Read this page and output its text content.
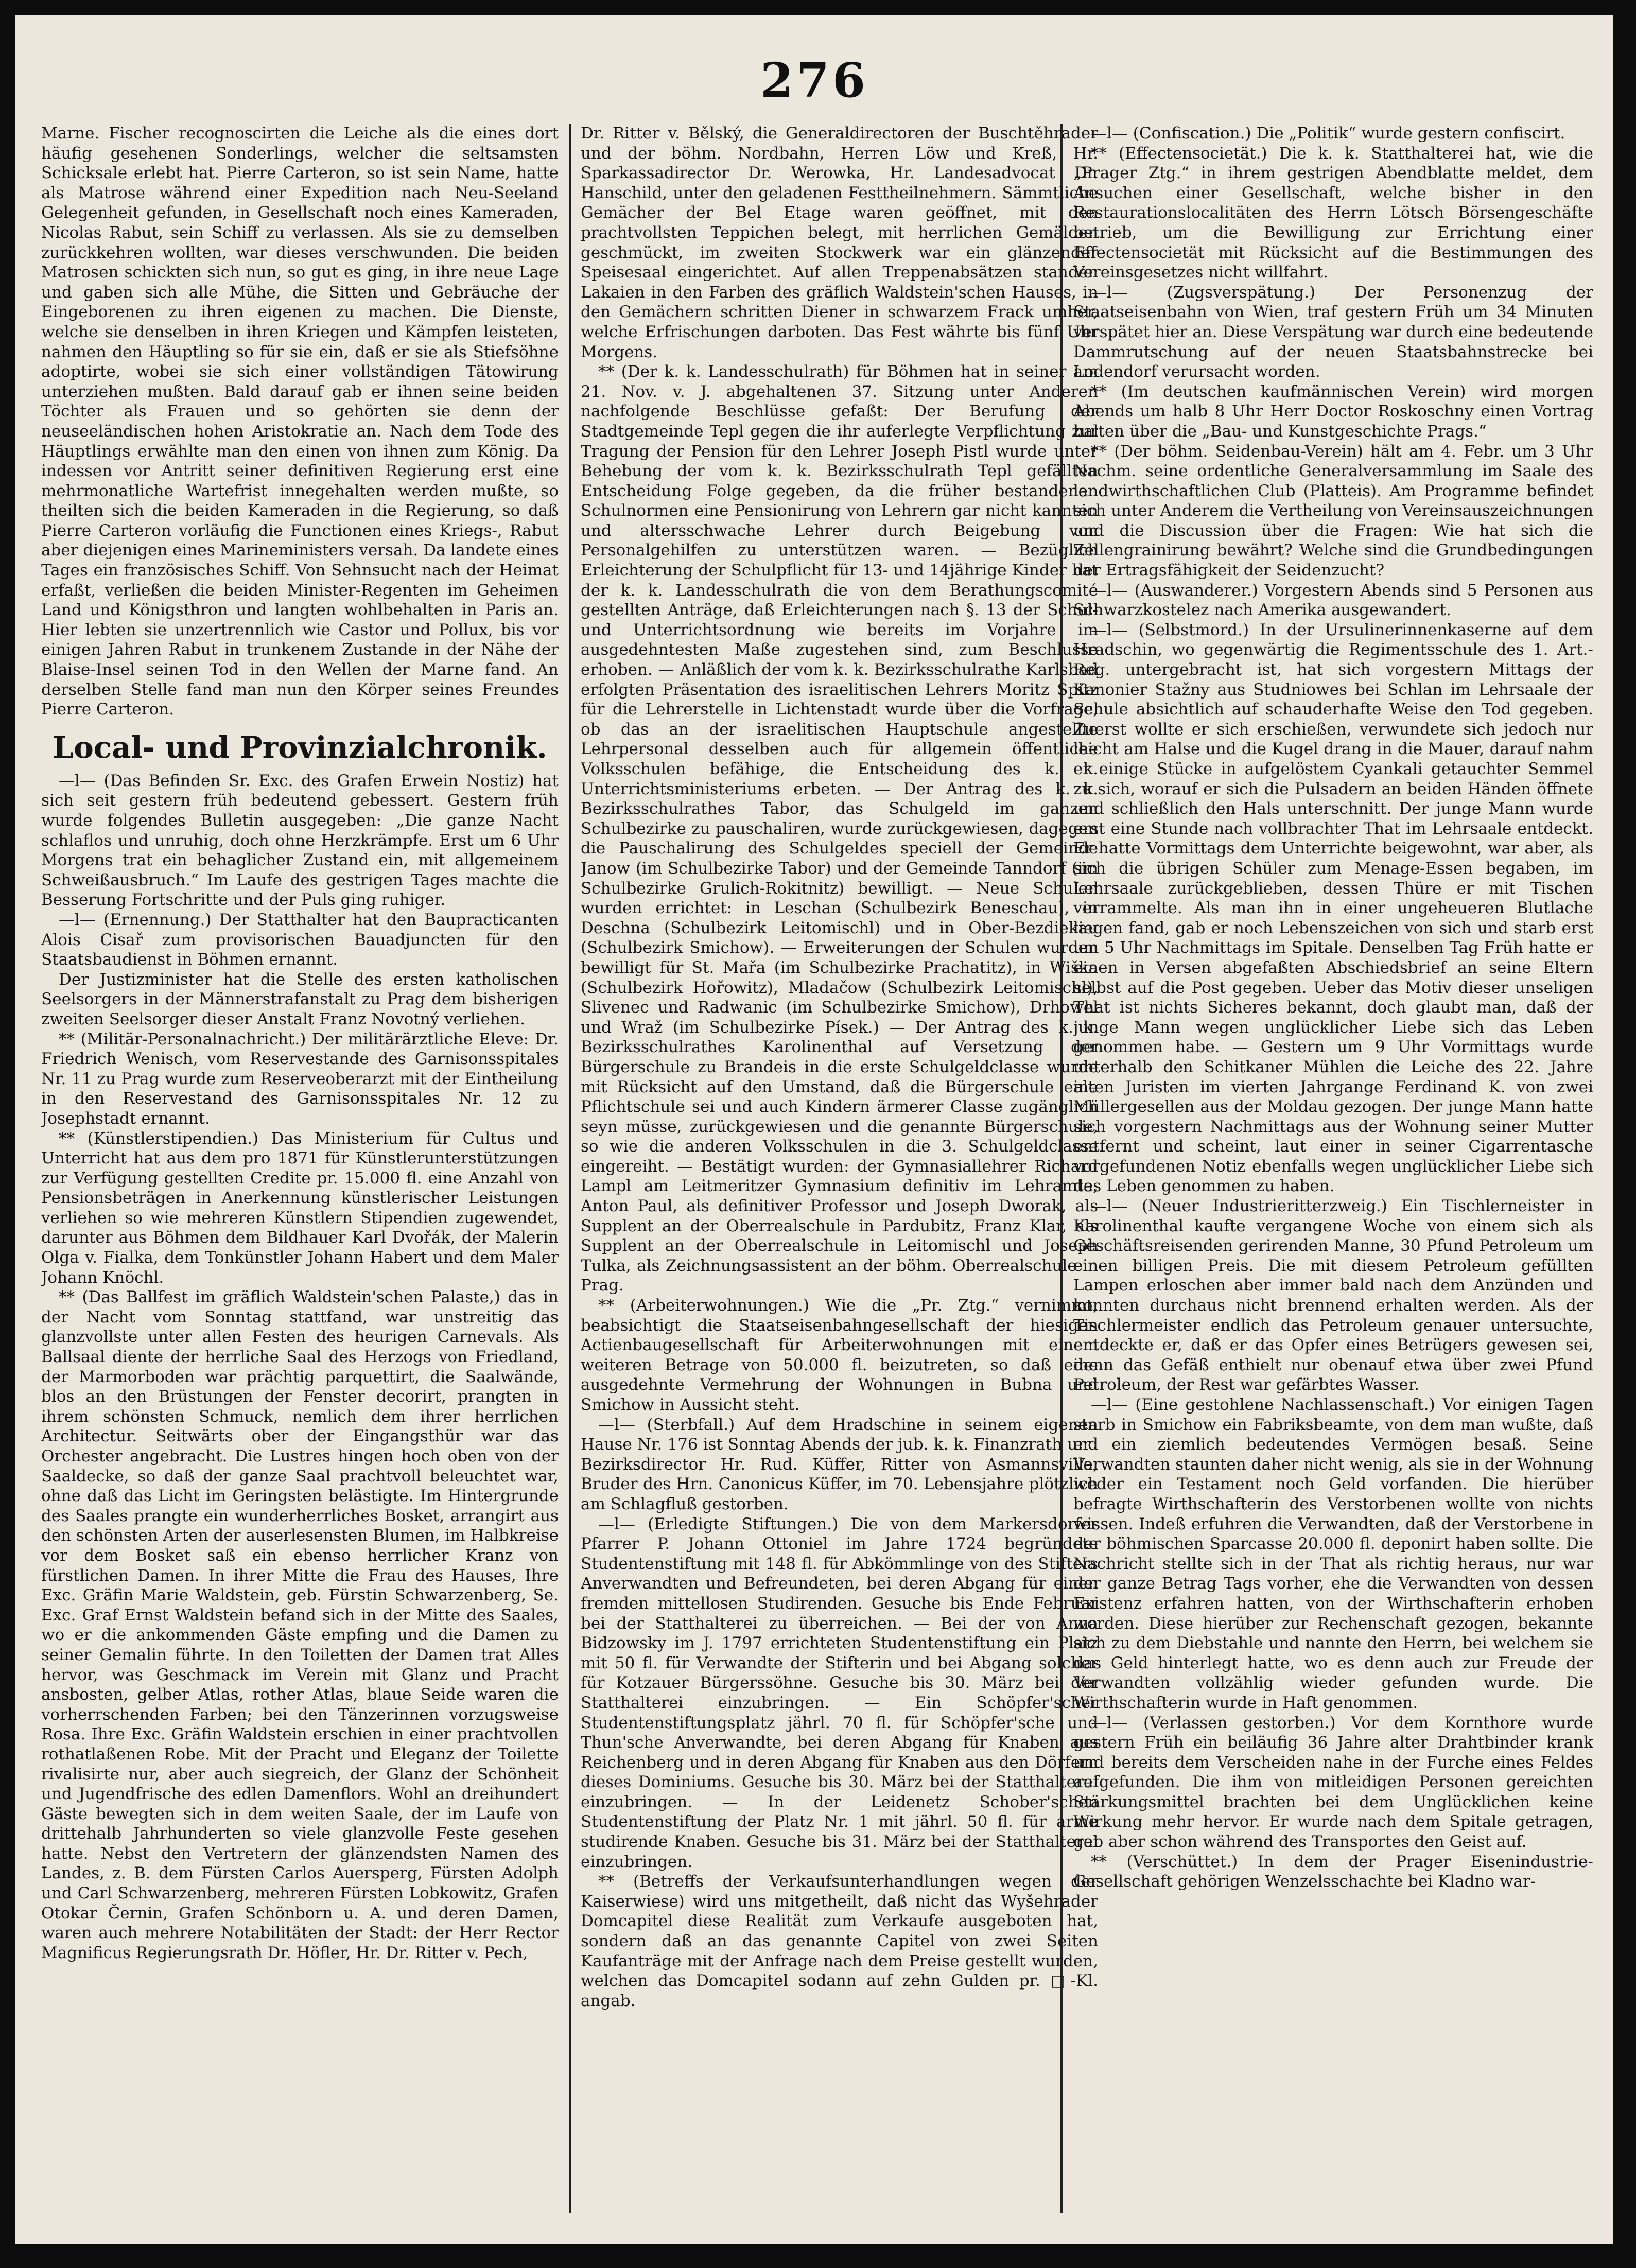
276

Marne. Fischer recognoscirten die Leiche als die eines dort häufig gesehenen Sonderlings, welcher die seltsamsten Schicksale erlebt hat. Pierre Carteron, so ist sein Name, hatte als Matrose während einer Expedition nach Neu-Seeland Gelegenheit gefunden, in Gesellschaft noch eines Kameraden, Nicolas Rabut, sein Schiff zu verlassen. Als sie zu demselben zurückkehren wollten, war dieses verschwunden. Die beiden Matrosen schickten sich nun, so gut es ging, in ihre neue Lage und gaben sich alle Mühe, die Sitten und Gebräuche der Eingeborenen zu ihren eigenen zu machen. Die Dienste, welche sie denselben in ihren Kriegen und Kämpfen leisteten, nahmen den Häuptling so für sie ein, daß er sie als Stiefsöhne adoptirte, wobei sie sich einer vollständigen Tätowirung unterziehen mußten. Bald darauf gab er ihnen seine beiden Töchter als Frauen und so gehörten sie denn der neuseeländischen hohen Aristokratie an. Nach dem Tode des Häuptlings erwählte man den einen von ihnen zum König. Da indessen vor Antritt seiner definitiven Regierung erst eine mehrmonatliche Wartefrist innegehalten werden mußte, so theilten sich die beiden Kameraden in die Regierung, so daß Pierre Carteron vorläufig die Functionen eines Kriegs-, Rabut aber diejenigen eines Marineministers versah. Da landete eines Tages ein französisches Schiff. Von Sehnsucht nach der Heimat erfaßt, verließen die beiden Minister-Regenten im Geheimen Land und Königsthron und langten wohlbehalten in Paris an. Hier lebten sie unzertrennlich wie Castor und Pollux, bis vor einigen Jahren Rabut in trunkenem Zustande in der Nähe der Blaise-Insel seinen Tod in den Wellen der Marne fand. An derselben Stelle fand man nun den Körper seines Freundes Pierre Carteron.

Local- und Provinzialchronik.

—l— (Das Befinden Sr. Exc. des Grafen Erwein Nostiz) hat sich seit gestern früh bedeutend gebessert. Gestern früh wurde folgendes Bulletin ausgegeben: „Die ganze Nacht schlaflos und unruhig, doch ohne Herzkrämpfe. Erst um 6 Uhr Morgens trat ein behaglicher Zustand ein, mit allgemeinem Schweißausbruch.“ Im Laufe des gestrigen Tages machte die Besserung Fortschritte und der Puls ging ruhiger.

—l— (Ernennung.) Der Statthalter hat den Baupracticanten Alois Cisař zum provisorischen Bauadjuncten für den Staatsbaudienst in Böhmen ernannt.

Der Justizminister hat die Stelle des ersten katholischen Seelsorgers in der Männerstrafanstalt zu Prag dem bisherigen zweiten Seelsorger dieser Anstalt Franz Novotný verliehen.

** (Militär-Personalnachricht.) Der militärärztliche Eleve: Dr. Friedrich Wenisch, vom Reservestande des Garnisonsspitales Nr. 11 zu Prag wurde zum Reserveoberarzt mit der Eintheilung in den Reservestand des Garnisonsspitales Nr. 12 zu Josephstadt ernannt.

** (Künstlerstipendien.) Das Ministerium für Cultus und Unterricht hat aus dem pro 1871 für Künstlerunterstützungen zur Verfügung gestellten Credite pr. 15.000 fl. eine Anzahl von Pensionsbeträgen in Anerkennung künstlerischer Leistungen verliehen so wie mehreren Künstlern Stipendien zugewendet, darunter aus Böhmen dem Bildhauer Karl Dvořák, der Malerin Olga v. Fialka, dem Tonkünstler Johann Habert und dem Maler Johann Knöchl.

** (Das Ballfest im gräflich Waldstein'schen Palaste,) das in der Nacht vom Sonntag stattfand, war unstreitig das glanzvollste unter allen Festen des heurigen Carnevals. Als Ballsaal diente der herrliche Saal des Herzogs von Friedland, der Marmorboden war prächtig parquettirt, die Saalwände, blos an den Brüstungen der Fenster decorirt, prangten in ihrem schönsten Schmuck, nemlich dem ihrer herrlichen Architectur. Seitwärts ober der Eingangsthür war das Orchester angebracht. Die Lustres hingen hoch oben von der Saaldecke, so daß der ganze Saal prachtvoll beleuchtet war, ohne daß das Licht im Geringsten belästigte. Im Hintergrunde des Saales prangte ein wunderherrliches Bosket, arrangirt aus den schönsten Arten der auserlesensten Blumen, im Halbkreise vor dem Bosket saß ein ebenso herrlicher Kranz von fürstlichen Damen. In ihrer Mitte die Frau des Hauses, Ihre Exc. Gräfin Marie Waldstein, geb. Fürstin Schwarzenberg, Se. Exc. Graf Ernst Waldstein befand sich in der Mitte des Saales, wo er die ankommenden Gäste empfing und die Damen zu seiner Gemalin führte. In den Toiletten der Damen trat Alles hervor, was Geschmack im Verein mit Glanz und Pracht ansbosten, gelber Atlas, rother Atlas, blaue Seide waren die vorherrschenden Farben; bei den Tänzerinnen vorzugsweise Rosa. Ihre Exc. Gräfin Waldstein erschien in einer prachtvollen rothatlaßenen Robe. Mit der Pracht und Eleganz der Toilette rivalisirte nur, aber auch siegreich, der Glanz der Schönheit und Jugendfrische des edlen Damenflors. Wohl an dreihundert Gäste bewegten sich in dem weiten Saale, der im Laufe von drittehalb Jahrhunderten so viele glanzvolle Feste gesehen hatte. Nebst den Vertretern der glänzendsten Namen des Landes, z. B. dem Fürsten Carlos Auersperg, Fürsten Adolph und Carl Schwarzenberg, mehreren Fürsten Lobkowitz, Grafen Otokar Černin, Grafen Schönborn u. A. und deren Damen, waren auch mehrere Notabilitäten der Stadt: der Herr Rector Magnificus Regierungsrath Dr. Höfler, Hr. Dr. Ritter v. Pech,

Dr. Ritter v. Bělský, die Generaldirectoren der Buschtěhrader und der böhm. Nordbahn, Herren Löw und Kreß, Hr. Sparkassadirector Dr. Werowka, Hr. Landesadvocat Dr. Hanschild, unter den geladenen Festtheilnehmern. Sämmtliche Gemächer der Bel Etage waren geöffnet, mit den prachtvollsten Teppichen belegt, mit herrlichen Gemälden geschmückt, im zweiten Stockwerk war ein glänzender Speisesaal eingerichtet. Auf allen Treppenabsätzen standen Lakaien in den Farben des gräflich Waldstein'schen Hauses, in den Gemächern schritten Diener in schwarzem Frack umher, welche Erfrischungen darboten. Das Fest währte bis fünf Uhr Morgens.

** (Der k. k. Landesschulrath) für Böhmen hat in seiner am 21. Nov. v. J. abgehaltenen 37. Sitzung unter Anderen nachfolgende Beschlüsse gefaßt: Der Berufung der Stadtgemeinde Tepl gegen die ihr auferlegte Verpflichtung zur Tragung der Pension für den Lehrer Joseph Pistl wurde unter Behebung der vom k. k. Bezirksschulrath Tepl gefällten Entscheidung Folge gegeben, da die früher bestandenen Schulnormen eine Pensionirung von Lehrern gar nicht kannten und altersschwache Lehrer durch Beigebung von Personalgehilfen zu unterstützen waren. — Bezüglich Erleichterung der Schulpflicht für 13- und 14jährige Kinder hat der k. k. Landesschulrath die von dem Berathungscomité gestellten Anträge, daß Erleichterungen nach §. 13 der Schul- und Unterrichtsordnung wie bereits im Vorjahre im ausgedehntesten Maße zugestehen sind, zum Beschlusse erhoben. — Anläßlich der vom k. k. Bezirksschulrathe Karlsbad erfolgten Präsentation des israelitischen Lehrers Moritz Spitz für die Lehrerstelle in Lichtenstadt wurde über die Vorfrage, ob das an der israelitischen Hauptschule angestellte Lehrpersonal desselben auch für allgemein öffentliche Volksschulen befähige, die Entscheidung des k. k. Unterrichtsministeriums erbeten. — Der Antrag des k. k. Bezirksschulrathes Tabor, das Schulgeld im ganzen Schulbezirke zu pauschaliren, wurde zurückgewiesen, dagegen die Pauschalirung des Schulgeldes speciell der Gemeinde Janow (im Schulbezirke Tabor) und der Gemeinde Tanndorf (im Schulbezirke Grulich-Rokitnitz) bewilligt. — Neue Schulen wurden errichtet: in Leschan (Schulbezirk Beneschau), in Deschna (Schulbezirk Leitomischl) und in Ober-Bezdiekau (Schulbezirk Smichow). — Erweiterungen der Schulen wurden bewilligt für St. Mařa (im Schulbezirke Prachatitz), in Wiška (Schulbezirk Hořowitz), Mladačow (Schulbezirk Leitomischl), Slivenec und Radwanic (im Schulbezirke Smichow), Drhowel und Wraž (im Schulbezirke Písek.) — Der Antrag des k. k. Bezirksschulrathes Karolinenthal auf Versetzung der Bürgerschule zu Brandeis in die erste Schulgeldclasse wurde mit Rücksicht auf den Umstand, daß die Bürgerschule eine Pflichtschule sei und auch Kindern ärmerer Classe zugänglich seyn müsse, zurückgewiesen und die genannte Bürgerschule, so wie die anderen Volksschulen in die 3. Schulgeldclasse eingereiht. — Bestätigt wurden: der Gymnasiallehrer Richard Lampl am Leitmeritzer Gymnasium definitiv im Lehramte, Anton Paul, als definitiver Professor und Joseph Dworak, als Supplent an der Oberrealschule in Pardubitz, Franz Klar, als Supplent an der Oberrealschule in Leitomischl und Joseph Tulka, als Zeichnungsassistent an der böhm. Oberrealschule in Prag.

** (Arbeiterwohnungen.) Wie die „Pr. Ztg.“ vernimmt, beabsichtigt die Staatseisenbahngesellschaft der hiesigen Actienbaugesellschaft für Arbeiterwohnungen mit einem weiteren Betrage von 50.000 fl. beizutreten, so daß eine ausgedehnte Vermehrung der Wohnungen in Bubna und Smichow in Aussicht steht.

—l— (Sterbfall.) Auf dem Hradschine in seinem eigenen Hause Nr. 176 ist Sonntag Abends der jub. k. k. Finanzrath und Bezirksdirector Hr. Rud. Küffer, Ritter von Asmannsvilla, Bruder des Hrn. Canonicus Küffer, im 70. Lebensjahre plötzlich am Schlagfluß gestorben.

—l— (Erledigte Stiftungen.) Die von dem Markersdorfer Pfarrer P. Johann Ottoniel im Jahre 1724 begründete Studentenstiftung mit 148 fl. für Abkömmlinge von des Stifters Anverwandten und Befreundeten, bei deren Abgang für einen fremden mittellosen Studirenden. Gesuche bis Ende Februar bei der Statthalterei zu überreichen. — Bei der von Anna Bidzowsky im J. 1797 errichteten Studentenstiftung ein Platz mit 50 fl. für Verwandte der Stifterin und bei Abgang solcher für Kotzauer Bürgerssöhne. Gesuche bis 30. März bei der Statthalterei einzubringen. — Ein Schöpfer'scher Studentenstiftungsplatz jährl. 70 fl. für Schöpfer'sche und Thun'sche Anverwandte, bei deren Abgang für Knaben aus Reichenberg und in deren Abgang für Knaben aus den Dörfern dieses Dominiums. Gesuche bis 30. März bei der Statthalterei einzubringen. — In der Leidenetz Schober'schen Studentenstiftung der Platz Nr. 1 mit jährl. 50 fl. für arme studirende Knaben. Gesuche bis 31. März bei der Statthalterei einzubringen.

** (Betreffs der Verkaufsunterhandlungen wegen der Kaiserwiese) wird uns mitgetheilt, daß nicht das Wyšehrader Domcapitel diese Realität zum Verkaufe ausgeboten hat, sondern daß an das genannte Capitel von zwei Seiten Kaufanträge mit der Anfrage nach dem Preise gestellt wurden, welchen das Domcapitel sodann auf zehn Gulden pr. □-Kl. angab.

—l— (Confiscation.) Die „Politik“ wurde gestern confiscirt.

** (Effectensocietät.) Die k. k. Statthalterei hat, wie die „Prager Ztg.“ in ihrem gestrigen Abendblatte meldet, dem Ansuchen einer Gesellschaft, welche bisher in den Restaurationslocalitäten des Herrn Lötsch Börsengeschäfte betrieb, um die Bewilligung zur Errichtung einer Effectensocietät mit Rücksicht auf die Bestimmungen des Vereinsgesetzes nicht willfahrt.

—l— (Zugsverspätung.) Der Personenzug der Staatseisenbahn von Wien, traf gestern Früh um 34 Minuten verspätet hier an. Diese Verspätung war durch eine bedeutende Dammrutschung auf der neuen Staatsbahnstrecke bei Lodendorf verursacht worden.

** (Im deutschen kaufmännischen Verein) wird morgen Abends um halb 8 Uhr Herr Doctor Roskoschny einen Vortrag halten über die „Bau- und Kunstgeschichte Prags.“

** (Der böhm. Seidenbau-Verein) hält am 4. Febr. um 3 Uhr Nachm. seine ordentliche Generalversammlung im Saale des landwirthschaftlichen Club (Platteis). Am Programme befindet sich unter Anderem die Vertheilung von Vereinsauszeichnungen und die Discussion über die Fragen: Wie hat sich die Zellengrainirung bewährt? Welche sind die Grundbedingungen der Ertragsfähigkeit der Seidenzucht?

—l— (Auswanderer.) Vorgestern Abends sind 5 Personen aus Schwarzkostelez nach Amerika ausgewandert.

—l— (Selbstmord.) In der Ursulinerinnenkaserne auf dem Hradschin, wo gegenwärtig die Regimentsschule des 1. Art.-Reg. untergebracht ist, hat sich vorgestern Mittags der Kanonier Stažny aus Studniowes bei Schlan im Lehrsaale der Schule absichtlich auf schauderhafte Weise den Tod gegeben. Zuerst wollte er sich erschießen, verwundete sich jedoch nur leicht am Halse und die Kugel drang in die Mauer, darauf nahm er einige Stücke in aufgelöstem Cyankali getauchter Semmel zu sich, worauf er sich die Pulsadern an beiden Händen öffnete und schließlich den Hals unterschnitt. Der junge Mann wurde erst eine Stunde nach vollbrachter That im Lehrsaale entdeckt. Er hatte Vormittags dem Unterrichte beigewohnt, war aber, als sich die übrigen Schüler zum Menage-Essen begaben, im Lehrsaale zurückgeblieben, dessen Thüre er mit Tischen verrammelte. Als man ihn in einer ungeheueren Blutlache liegen fand, gab er noch Lebenszeichen von sich und starb erst um 5 Uhr Nachmittags im Spitale. Denselben Tag Früh hatte er einen in Versen abgefaßten Abschiedsbrief an seine Eltern selbst auf die Post gegeben. Ueber das Motiv dieser unseligen That ist nichts Sicheres bekannt, doch glaubt man, daß der junge Mann wegen unglücklicher Liebe sich das Leben genommen habe. — Gestern um 9 Uhr Vormittags wurde unterhalb den Schitkaner Mühlen die Leiche des 22. Jahre alten Juristen im vierten Jahrgange Ferdinand K. von zwei Müllergesellen aus der Moldau gezogen. Der junge Mann hatte sich vorgestern Nachmittags aus der Wohnung seiner Mutter entfernt und scheint, laut einer in seiner Cigarrentasche vorgefundenen Notiz ebenfalls wegen unglücklicher Liebe sich das Leben genommen zu haben.

—l— (Neuer Industrieritterzweig.) Ein Tischlerneister in Karolinenthal kaufte vergangene Woche von einem sich als Geschäftsreisenden gerirenden Manne, 30 Pfund Petroleum um einen billigen Preis. Die mit diesem Petroleum gefüllten Lampen erloschen aber immer bald nach dem Anzünden und konnten durchaus nicht brennend erhalten werden. Als der Tischlermeister endlich das Petroleum genauer untersuchte, entdeckte er, daß er das Opfer eines Betrügers gewesen sei, denn das Gefäß enthielt nur obenauf etwa über zwei Pfund Petroleum, der Rest war gefärbtes Wasser.

—l— (Eine gestohlene Nachlassenschaft.) Vor einigen Tagen starb in Smichow ein Fabriksbeamte, von dem man wußte, daß er ein ziemlich bedeutendes Vermögen besaß. Seine Verwandten staunten daher nicht wenig, als sie in der Wohnung weder ein Testament noch Geld vorfanden. Die hierüber befragte Wirthschafterin des Verstorbenen wollte von nichts wissen. Indeß erfuhren die Verwandten, daß der Verstorbene in der böhmischen Sparcasse 20.000 fl. deponirt haben sollte. Die Nachricht stellte sich in der That als richtig heraus, nur war der ganze Betrag Tags vorher, ehe die Verwandten von dessen Existenz erfahren hatten, von der Wirthschafterin erhoben worden. Diese hierüber zur Rechenschaft gezogen, bekannte sich zu dem Diebstahle und nannte den Herrn, bei welchem sie das Geld hinterlegt hatte, wo es denn auch zur Freude der Verwandten vollzählig wieder gefunden wurde. Die Wirthschafterin wurde in Haft genommen.

—l— (Verlassen gestorben.) Vor dem Kornthore wurde gestern Früh ein beiläufig 36 Jahre alter Drahtbinder krank und bereits dem Verscheiden nahe in der Furche eines Feldes aufgefunden. Die ihm von mitleidigen Personen gereichten Stärkungsmittel brachten bei dem Unglücklichen keine Wirkung mehr hervor. Er wurde nach dem Spitale getragen, gab aber schon während des Transportes den Geist auf.

** (Verschüttet.) In dem der Prager Eisenindustrie-Gesellschaft gehörigen Wenzelsschachte bei Kladno war-
